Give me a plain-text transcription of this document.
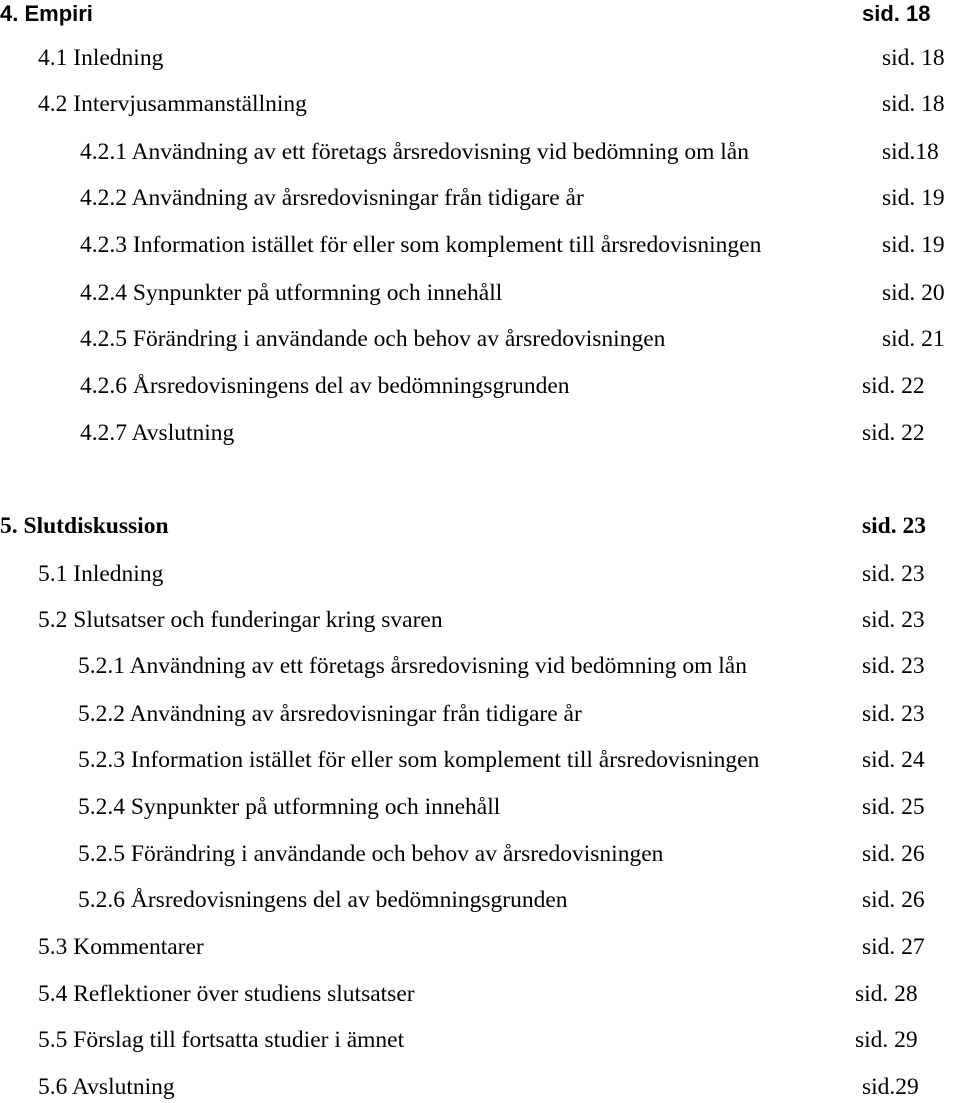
4. Empiri	sid. 18
4.1 Inledning	sid. 18
4.2 Intervjusammanställning	sid. 18
4.2.1 Användning av ett företags årsredovisning vid bedömning om lån	sid.18
4.2.2 Användning av årsredovisningar från tidigare år	sid. 19
4.2.3 Information istället för eller som komplement till årsredovisningen	sid. 19
4.2.4 Synpunkter på utformning och innehåll	sid. 20
4.2.5 Förändring i användande och behov av årsredovisningen	sid. 21
4.2.6 Årsredovisningens del av bedömningsgrunden	sid. 22
4.2.7 Avslutning	sid. 22
5. Slutdiskussion	sid. 23
5.1 Inledning	sid. 23
5.2 Slutsatser och funderingar kring svaren	sid. 23
5.2.1 Användning av ett företags årsredovisning vid bedömning om lån	sid. 23
5.2.2 Användning av årsredovisningar från tidigare år	sid. 23
5.2.3 Information istället för eller som komplement till årsredovisningen	sid. 24
5.2.4 Synpunkter på utformning och innehåll	sid. 25
5.2.5 Förändring i användande och behov av årsredovisningen	sid. 26
5.2.6 Årsredovisningens del av bedömningsgrunden	sid. 26
5.3 Kommentarer	sid. 27
5.4 Reflektioner över studiens slutsatser	sid. 28
5.5 Förslag till fortsatta studier i ämnet	sid. 29
5.6 Avslutning	sid.29
